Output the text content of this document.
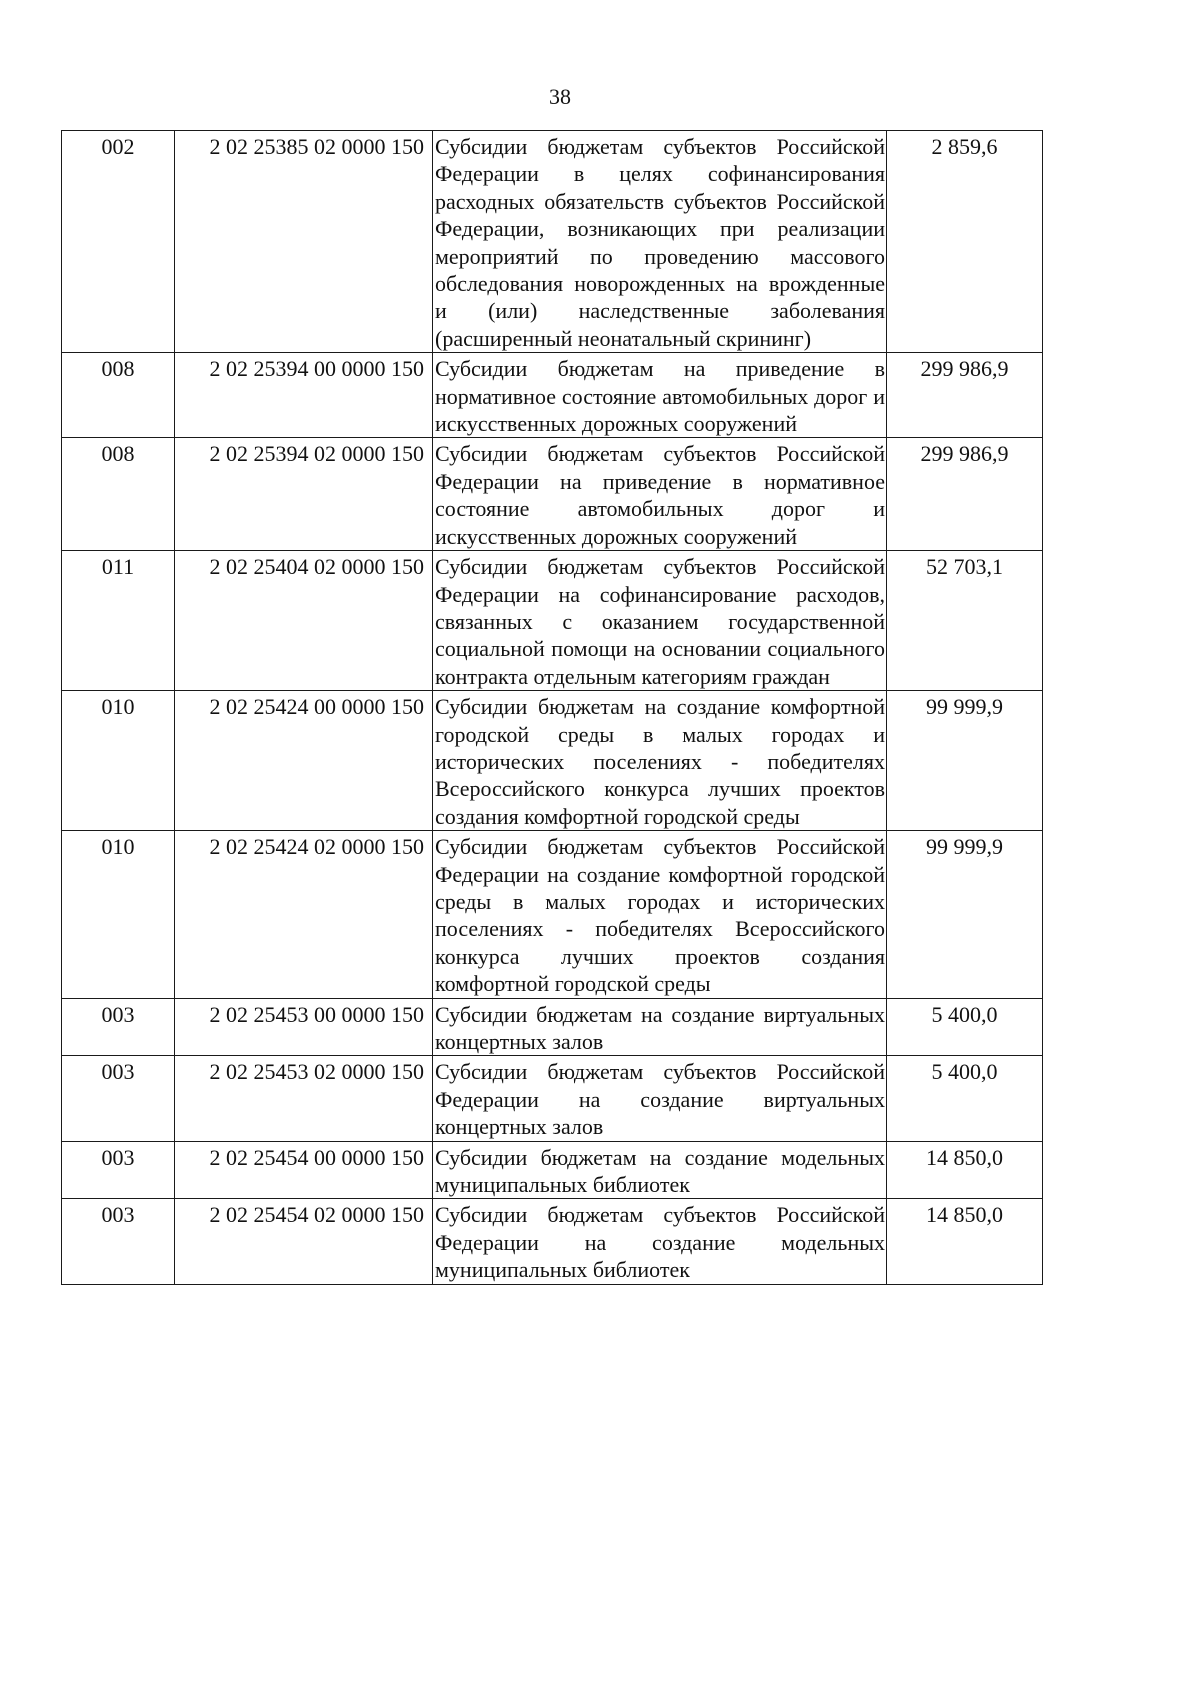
38
002	2 02 25385 02 0000 150	Субсидии бюджетам субъектов Российской Федерации в целях софинансирования расходных обязательств субъектов Российской Федерации, возникающих при реализации мероприятий по проведению массового обследования новорожденных на врожденные и (или) наследственные заболевания (расширенный неонатальный скрининг)	2 859,6
008	2 02 25394 00 0000 150	Субсидии бюджетам на приведение в нормативное состояние автомобильных дорог и искусственных дорожных сооружений	299 986,9
008	2 02 25394 02 0000 150	Субсидии бюджетам субъектов Российской Федерации на приведение в нормативное состояние автомобильных дорог и искусственных дорожных сооружений	299 986,9
011	2 02 25404 02 0000 150	Субсидии бюджетам субъектов Российской Федерации на софинансирование расходов, связанных с оказанием государственной социальной помощи на основании социального контракта отдельным категориям граждан	52 703,1
010	2 02 25424 00 0000 150	Субсидии бюджетам на создание комфортной городской среды в малых городах и исторических поселениях - победителях Всероссийского конкурса лучших проектов создания комфортной городской среды	99 999,9
010	2 02 25424 02 0000 150	Субсидии бюджетам субъектов Российской Федерации на создание комфортной городской среды в малых городах и исторических поселениях - победителях Всероссийского конкурса лучших проектов создания комфортной городской среды	99 999,9
003	2 02 25453 00 0000 150	Субсидии бюджетам на создание виртуальных концертных залов	5 400,0
003	2 02 25453 02 0000 150	Субсидии бюджетам субъектов Российской Федерации на создание виртуальных концертных залов	5 400,0
003	2 02 25454 00 0000 150	Субсидии бюджетам на создание модельных муниципальных библиотек	14 850,0
003	2 02 25454 02 0000 150	Субсидии бюджетам субъектов Российской Федерации на создание модельных муниципальных библиотек	14 850,0
